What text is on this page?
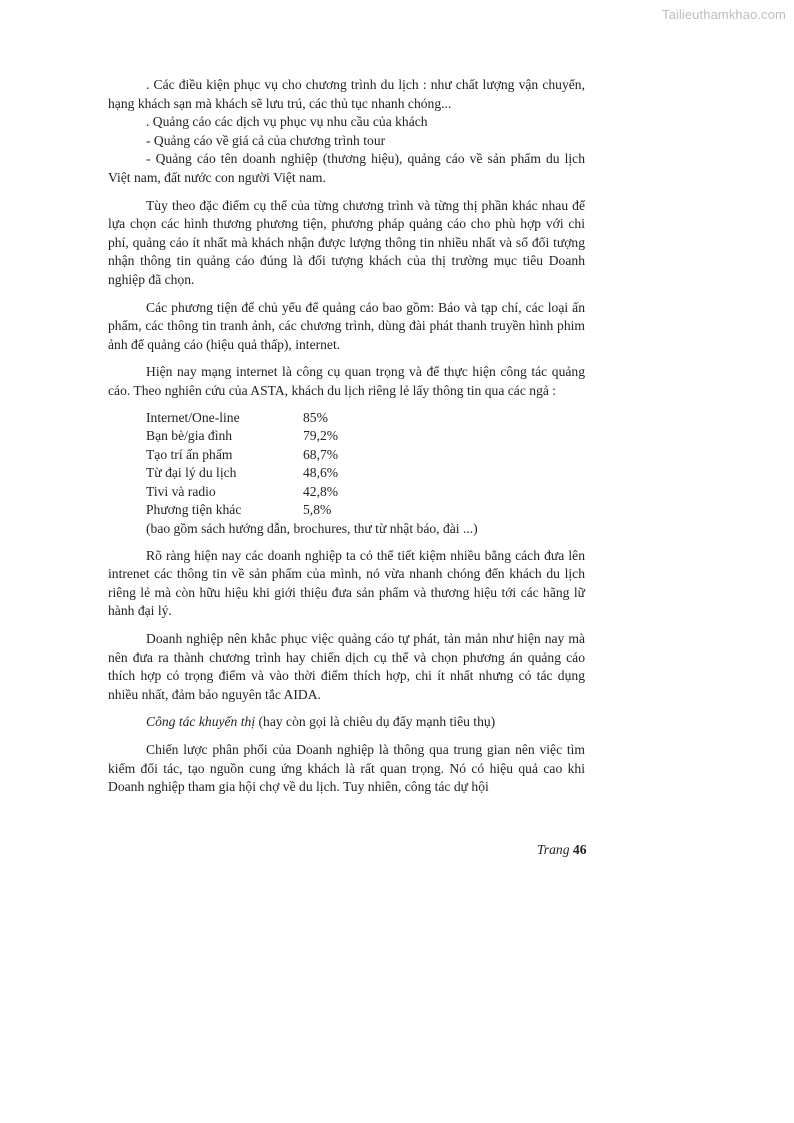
Tailieuthamkhao.com

. Các điều kiện phục vụ cho chương trình du lịch : như chất lượng vận chuyển, hạng khách sạn mà khách sẽ lưu trú, các thủ tục nhanh chóng...

. Quảng cáo các dịch vụ phục vụ nhu cầu của khách

- Quảng cáo về giá cả của chương trình tour

- Quảng cáo tên doanh nghiệp (thương hiệu), quảng cáo về sản phẩm du lịch Việt nam, đất nước con người Việt nam.

Tùy theo đặc điểm cụ thể của từng chương trình và từng thị phần khác nhau để lựa chọn các hình thương phương tiện, phương pháp quảng cáo cho phù hợp với chi phí, quảng cáo ít nhất mà khách nhận được lượng thông tin nhiều nhất và số đối tượng nhận thông tin quảng cáo đúng là đối tượng khách của thị trường mục tiêu Doanh nghiệp đã chọn.

Các phương tiện để chủ yếu để quảng cáo bao gồm: Báo và tạp chí, các loại ấn phẩm, các thông tin tranh ảnh, các chương trình, dùng đài phát thanh truyền hình phim ảnh để quảng cáo (hiệu quả thấp), internet.

Hiện nay mạng internet là công cụ quan trọng và để thực hiện công tác quảng cáo. Theo nghiên cứu của ASTA, khách du lịch riêng lẻ lấy thông tin qua các ngả :

Internet/One-line	85%
Bạn bè/gia đình	79,2%
Tạo trí ấn phẩm	68,7%
Từ đại lý du lịch	48,6%
Tivi và radio	42,8%
Phương tiện khác	5,8%

(bao gồm sách hướng dẫn, brochures, thư từ nhật báo, đài ...)

Rõ ràng hiện nay các doanh nghiệp ta có thể tiết kiệm nhiều bằng cách đưa lên intrenet các thông tin về sản phẩm của mình, nó vừa nhanh chóng đến khách du lịch riêng lẻ mà còn hữu hiệu khi giới thiệu đưa sản phẩm và thương hiệu tới các hãng lữ hành đại lý.

Doanh nghiệp nên khắc phục việc quảng cáo tự phát, tản mản như hiện nay mà nên đưa ra thành chương trình hay chiến dịch cụ thể và chọn phương án quảng cáo thích hợp có trọng điểm và vào thời điểm thích hợp, chi ít nhất nhưng có tác dụng nhiều nhất, đảm bảo nguyên tắc AIDA.

Công tác khuyến thị (hay còn gọi là chiêu dụ đẩy mạnh tiêu thụ)

Chiến lược phân phối của Doanh nghiệp là thông qua trung gian nên việc tìm kiếm đối tác, tạo nguồn cung ứng khách là rất quan trọng. Nó có hiệu quả cao khi Doanh nghiệp tham gia hội chợ về du lịch. Tuy nhiên, công tác dự hội

Trang 46
